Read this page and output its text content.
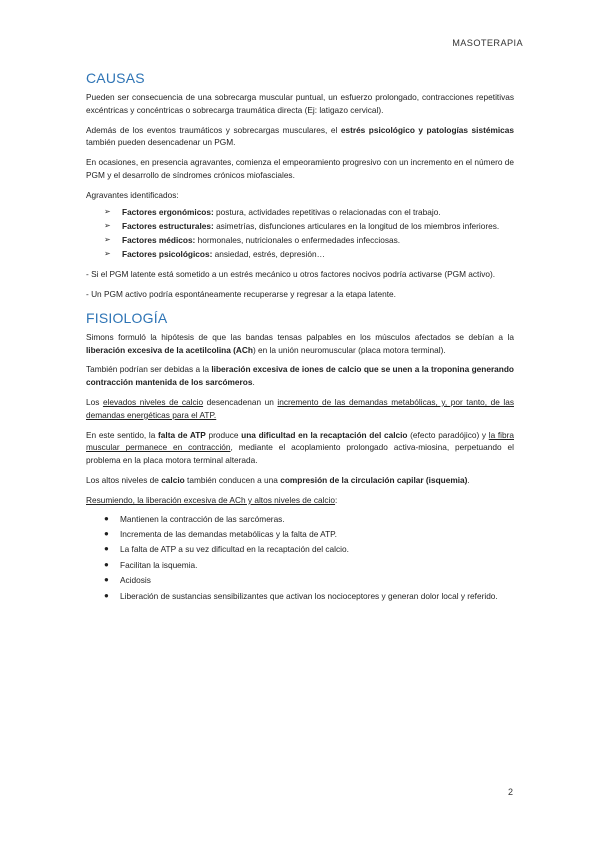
MASOTERAPIA
CAUSAS

Pueden ser consecuencia de una sobrecarga muscular puntual, un esfuerzo prolongado, contracciones repetitivas excéntricas y concéntricas o sobrecarga traumática directa (Ej: latigazo cervical).

Además de los eventos traumáticos y sobrecargas musculares, el estrés psicológico y patologías sistémicas también pueden desencadenar un PGM.

En ocasiones, en presencia agravantes, comienza el empeoramiento progresivo con un incremento en el número de PGM y el desarrollo de síndromes crónicos miofasciales.

Agravantes identificados:

➢ Factores ergonómicos: postura, actividades repetitivas o relacionadas con el trabajo.
➢ Factores estructurales: asimetrías, disfunciones articulares en la longitud de los miembros inferiores.
➢ Factores médicos: hormonales, nutricionales o enfermedades infecciosas.
➢ Factores psicológicos: ansiedad, estrés, depresión…

- Si el PGM latente está sometido a un estrés mecánico u otros factores nocivos podría activarse (PGM activo).

- Un PGM activo podría espontáneamente recuperarse y regresar a la etapa latente.

FISIOLOGÍA

Simons formuló la hipótesis de que las bandas tensas palpables en los músculos afectados se debían a la liberación excesiva de la acetilcolina (ACh) en la unión neuromuscular (placa motora terminal).

También podrían ser debidas a la liberación excesiva de iones de calcio que se unen a la troponina generando contracción mantenida de los sarcómeros.

Los elevados niveles de calcio desencadenan un incremento de las demandas metabólicas, y, por tanto, de las demandas energéticas para el ATP.

En este sentido, la falta de ATP produce una dificultad en la recaptación del calcio (efecto paradójico) y la fibra muscular permanece en contracción, mediante el acoplamiento prolongado activa-miosina, perpetuando el problema en la placa motora terminal alterada.

Los altos niveles de calcio también conducen a una compresión de la circulación capilar (isquemia).

Resumiendo, la liberación excesiva de ACh y altos niveles de calcio:

● Mantienen la contracción de las sarcómeras.
● Incrementa de las demandas metabólicas y la falta de ATP.
● La falta de ATP a su vez dificultad en la recaptación del calcio.
● Facilitan la isquemia.
● Acidosis
● Liberación de sustancias sensibilizantes que activan los nocioceptores y generan dolor local y referido.
2
